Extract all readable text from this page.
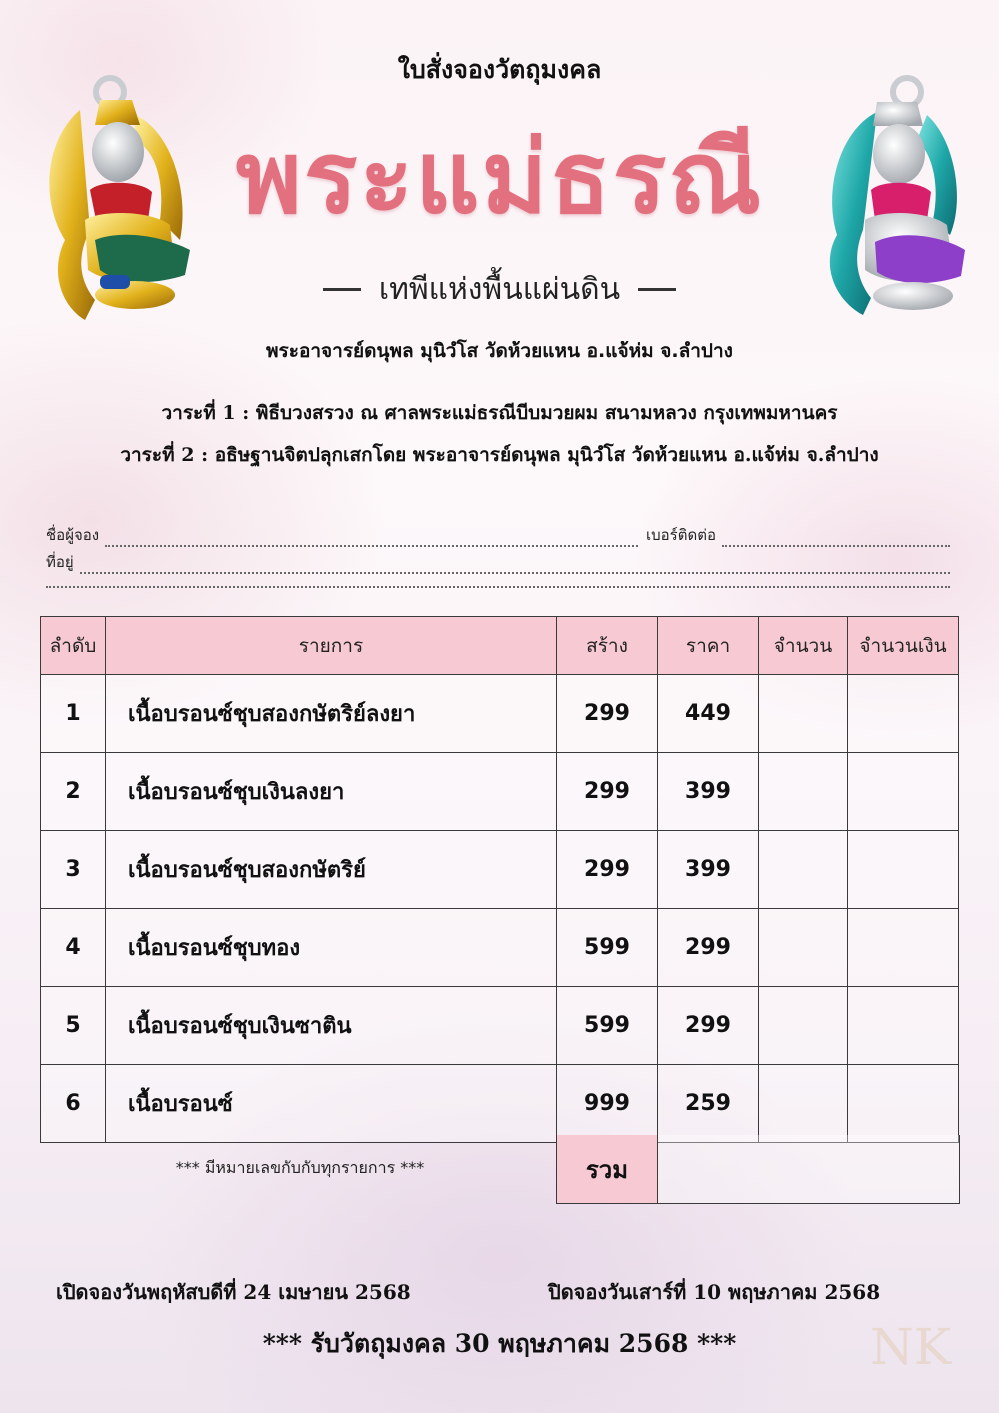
ใบสั่งจองวัตถุมงคล
พระแม่ธรณี
เทพีแห่งพื้นแผ่นดิน
พระอาจารย์ดนุพล มุนิวํโส วัดห้วยแหน อ.แจ้ห่ม จ.ลำปาง
วาระที่ 1 : พิธีบวงสรวง ณ ศาลพระแม่ธรณีบีบมวยผม สนามหลวง กรุงเทพมหานคร
วาระที่ 2 : อธิษฐานจิตปลุกเสกโดย พระอาจารย์ดนุพล มุนิวํโส วัดห้วยแหน อ.แจ้ห่ม จ.ลำปาง
ชื่อผู้จอง	เบอร์ติดต่อ
ที่อยู่
ลำดับ	รายการ	สร้าง	ราคา	จำนวน	จำนวนเงิน
1	เนื้อบรอนซ์ชุบสองกษัตริย์ลงยา	299	449		
2	เนื้อบรอนซ์ชุบเงินลงยา	299	399		
3	เนื้อบรอนซ์ชุบสองกษัตริย์	299	399		
4	เนื้อบรอนซ์ชุบทอง	599	299		
5	เนื้อบรอนซ์ชุบเงินซาติน	599	299		
6	เนื้อบรอนซ์	999	259		
*** มีหมายเลขกับกับทุกรายการ ***	รวม
เปิดจองวันพฤหัสบดีที่ 24 เมษายน 2568	ปิดจองวันเสาร์ที่ 10 พฤษภาคม 2568
*** รับวัตถุมงคล 30 พฤษภาคม 2568 ***	NK
